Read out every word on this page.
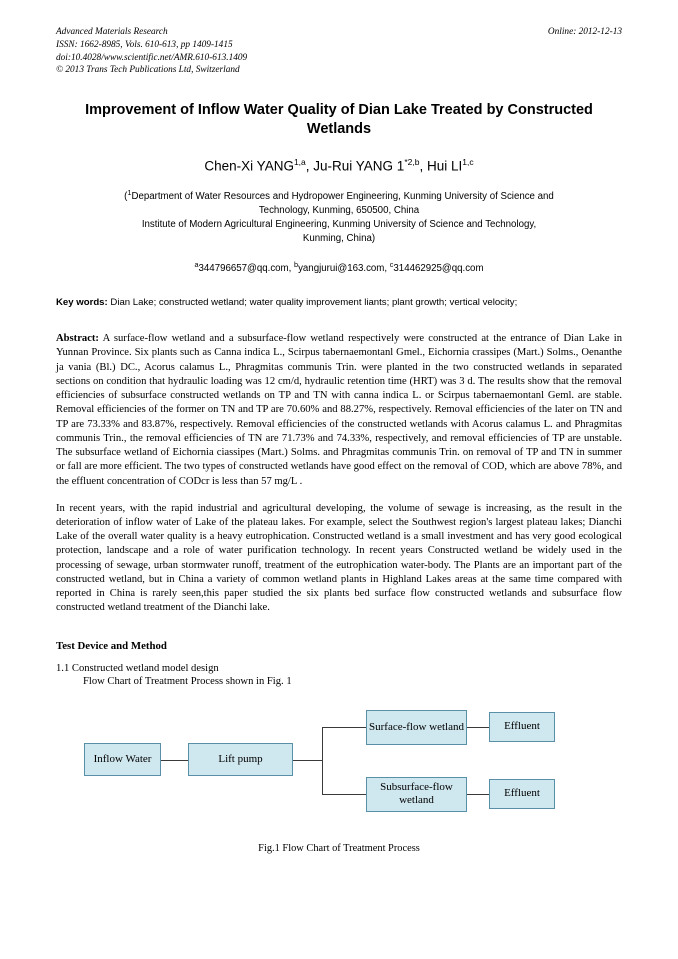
Advanced Materials Research
ISSN: 1662-8985, Vols. 610-613, pp 1409-1415
doi:10.4028/www.scientific.net/AMR.610-613.1409
© 2013 Trans Tech Publications Ltd, Switzerland
Online: 2012-12-13
Improvement of Inflow Water Quality of Dian Lake Treated by Constructed Wetlands
Chen-Xi YANG$^{1,a}$, Ju-Rui YANG 1$^{*2,b}$, Hui LI$^{1,c}$
($^1$Department of Water Resources and Hydropower Engineering, Kunming University of Science and
Technology, Kunming, 650500, China
Institute of Modern Agricultural Engineering, Kunming University of Science and Technology,
Kunming, China)
$^a$344796657@qq.com, $^b$yangjurui@163.com, $^c$314462925@qq.com
Key words: Dian Lake; constructed wetland; water quality improvement liants; plant growth; vertical velocity;
Abstract: A surface-flow wetland and a subsurface-flow wetland respectively were constructed at the entrance of Dian Lake in Yunnan Province. Six plants such as Canna indica L., Scirpus tabernaemontanl Gmel., Eichornia crassipes (Mart.) Solms., Oenanthe ja vania (Bl.) DC., Acorus calamus L., Phragmitas communis Trin. were planted in the two constructed wetlands in separated sections on condition that hydraulic loading was 12 cm/d, hydraulic retention time (HRT) was 3 d. The results show that the removal efficiencies of subsurface constructed wetlands on TP and TN with canna indica L. or Scirpus tabernaemontanl Geml. are stable. Removal efficiencies of the former on TN and TP are 70.60% and 88.27%, respectively. Removal efficiencies of the later on TN and TP are 73.33% and 83.87%, respectively. Removal efficiencies of the constructed wetlands with Acorus calamus L. and Phragmitas communis Trin., the removal efficiencies of TN are 71.73% and 74.33%, respectively, and removal efficiencies of TP are unstable. The subsurface wetland of Eichornia ciassipes (Mart.) Solms. and Phragmitas communis Trin. on removal of TP and TN in summer or fall are more efficient. The two types of constructed wetlands have good effect on the removal of COD, which are above 78%, and the effluent concentration of CODcr is less than 57 mg/L .
In recent years, with the rapid industrial and agricultural developing, the volume of sewage is increasing, as the result in the deterioration of inflow water of Lake of the plateau lakes. For example, select the Southwest region's largest plateau lakes; Dianchi Lake of the overall water quality is a heavy eutrophication. Constructed wetland is a small investment and has very good ecological protection, landscape and a role of water purification technology. In recent years Constructed wetland be widely used in the processing of sewage, urban stormwater runoff, treatment of the eutrophication water-body. The Plants are an important part of the constructed wetland, but in China a variety of common wetland plants in Highland Lakes areas at the same time compared with reported in China is rarely seen,this paper studied the six plants bed surface flow constructed wetlands and subsurface flow constructed wetland treatment of the Dianchi lake.
Test Device and Method
1.1 Constructed wetland model design
Flow Chart of Treatment Process shown in Fig. 1
Inflow Water	Lift pump
Surface-flow wetland
Subsurface-flow wetland
Effluent
Effluent
Fig.1 Flow Chart of Treatment Process
